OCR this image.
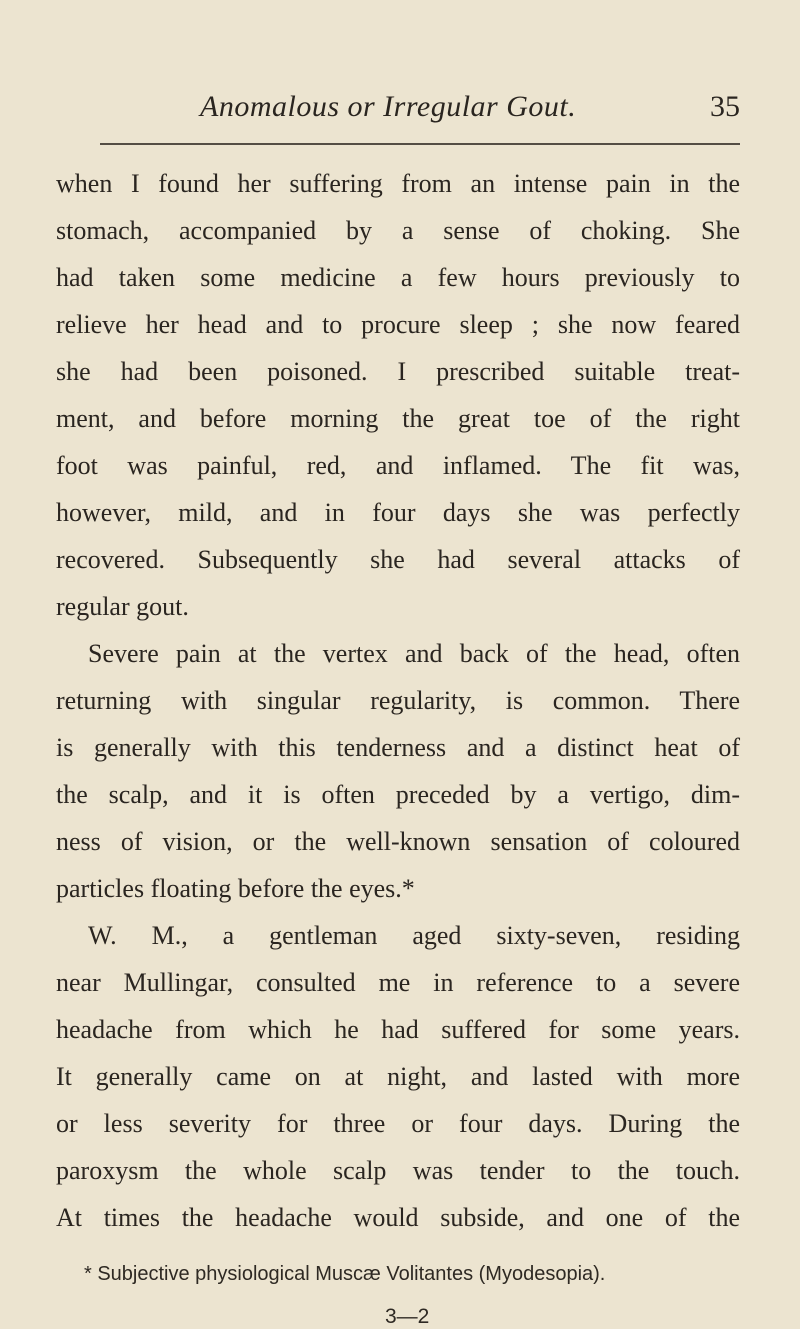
Anomalous or Irregular Gout.	35
when I found her suffering from an intense pain in the
stomach, accompanied by a sense of choking. She
had taken some medicine a few hours previously to
relieve her head and to procure sleep ; she now feared
she had been poisoned. I prescribed suitable treat-
ment, and before morning the great toe of the right
foot was painful, red, and inflamed. The fit was,
however, mild, and in four days she was perfectly
recovered. Subsequently she had several attacks of
regular gout.
Severe pain at the vertex and back of the head, often
returning with singular regularity, is common. There
is generally with this tenderness and a distinct heat of
the scalp, and it is often preceded by a vertigo, dim-
ness of vision, or the well-known sensation of coloured
particles floating before the eyes.*
W. M., a gentleman aged sixty-seven, residing
near Mullingar, consulted me in reference to a severe
headache from which he had suffered for some years.
It generally came on at night, and lasted with more
or less severity for three or four days. During the
paroxysm the whole scalp was tender to the touch.
At times the headache would subside, and one of the
* Subjective physiological Muscæ Volitantes (Myodesopia).
3—2
